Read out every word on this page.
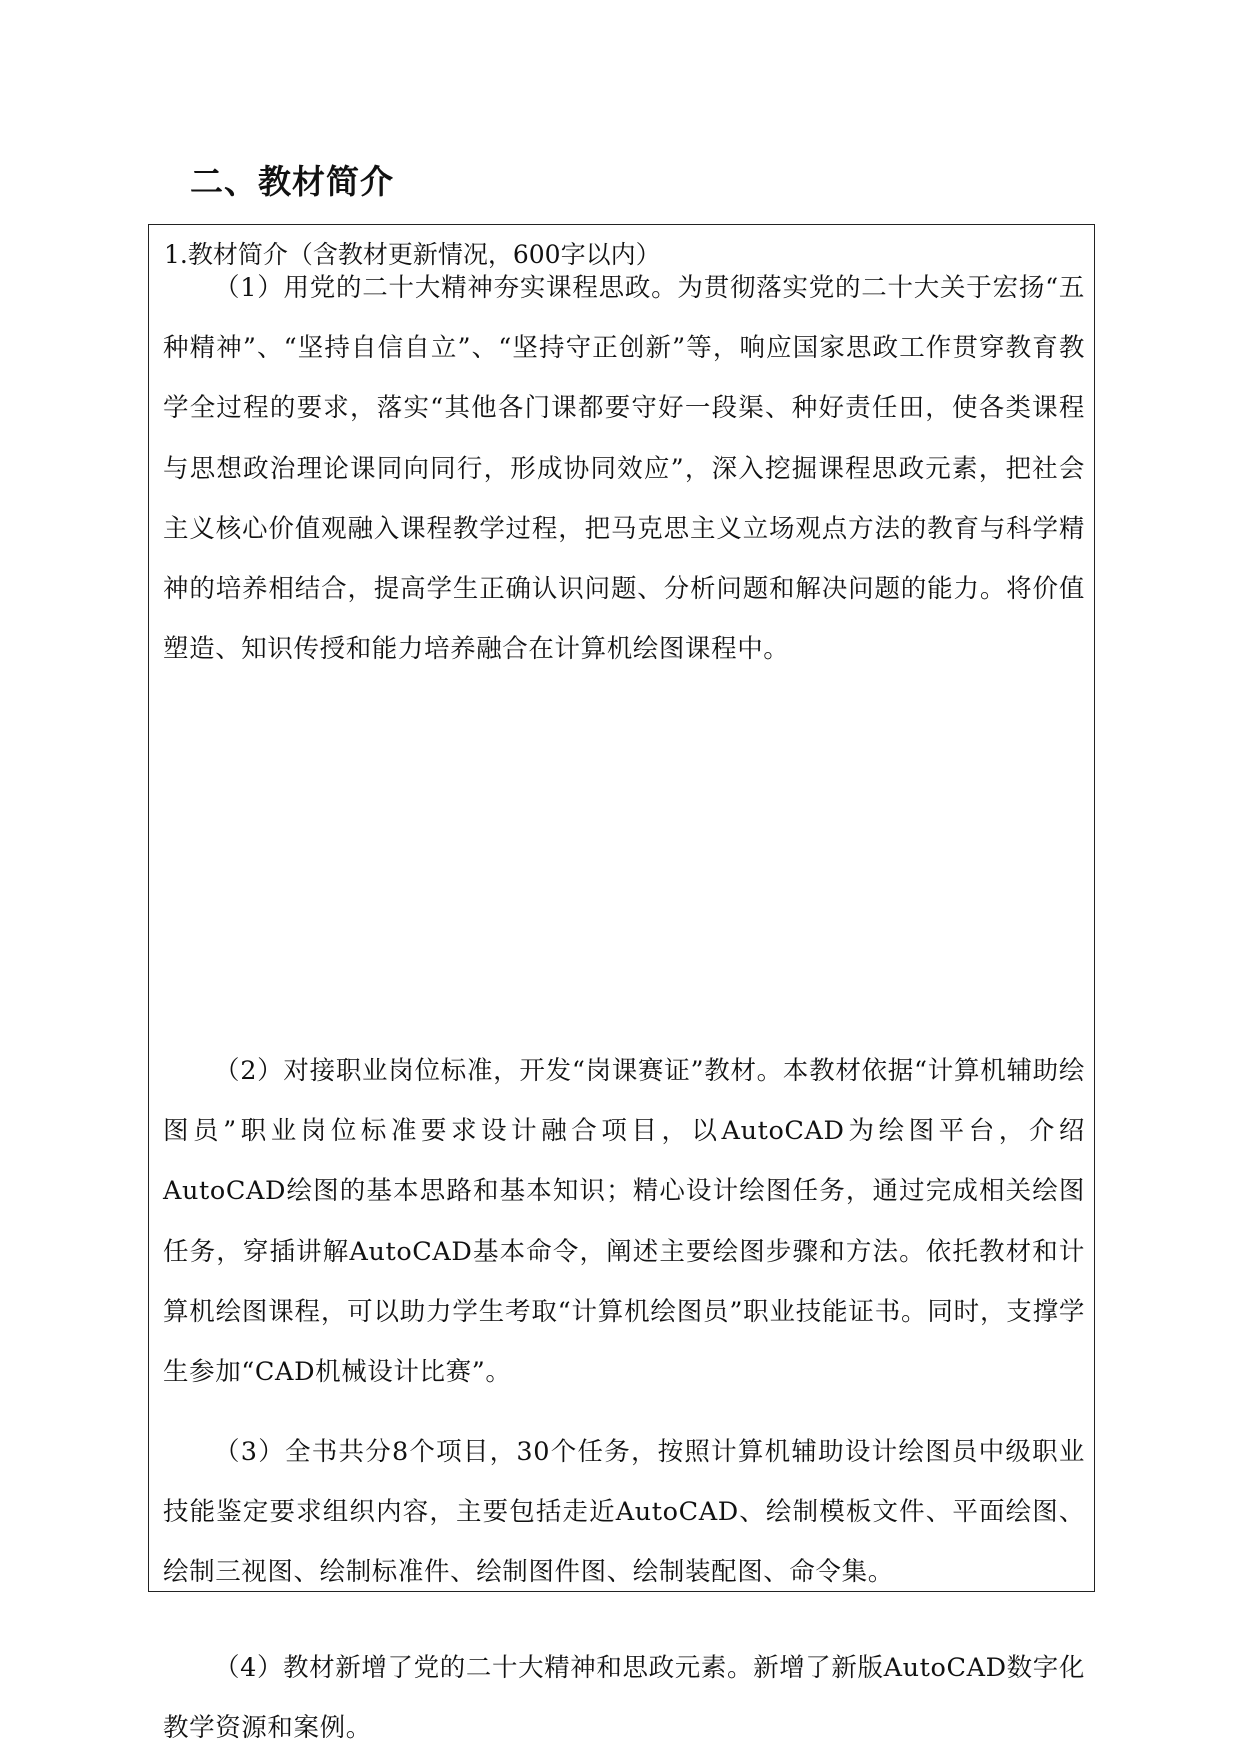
二、教材简介
1.教材简介（含教材更新情况，600字以内）

（1）用党的二十大精神夯实课程思政。为贯彻落实党的二十大关于宏扬“五种精神”、“坚持自信自立”、“坚持守正创新”等，响应国家思政工作贯穿教育教学全过程的要求，落实“其他各门课都要守好一段渠、种好责任田，使各类课程与思想政治理论课同向同行，形成协同效应”，深入挖掘课程思政元素，把社会主义核心价值观融入课程教学过程，把马克思主义立场观点方法的教育与科学精神的培养相结合，提高学生正确认识问题、分析问题和解决问题的能力。将价值塑造、知识传授和能力培养融合在计算机绘图课程中。

（2）对接职业岗位标准，开发“岗课赛证”教材。本教材依据“计算机辅助绘图员”职业岗位标准要求设计融合项目，以AutoCAD为绘图平台，介绍AutoCAD绘图的基本思路和基本知识；精心设计绘图任务，通过完成相关绘图任务，穿插讲解AutoCAD基本命令，阐述主要绘图步骤和方法。依托教材和计算机绘图课程，可以助力学生考取“计算机绘图员”职业技能证书。同时，支撑学生参加“CAD机械设计比赛”。

（3）全书共分8个项目，30个任务，按照计算机辅助设计绘图员中级职业技能鉴定要求组织内容，主要包括走近AutoCAD、绘制模板文件、平面绘图、绘制三视图、绘制标准件、绘制图件图、绘制装配图、命令集。

（4）教材新增了党的二十大精神和思政元素。新增了新版AutoCAD数字化教学资源和案例。
